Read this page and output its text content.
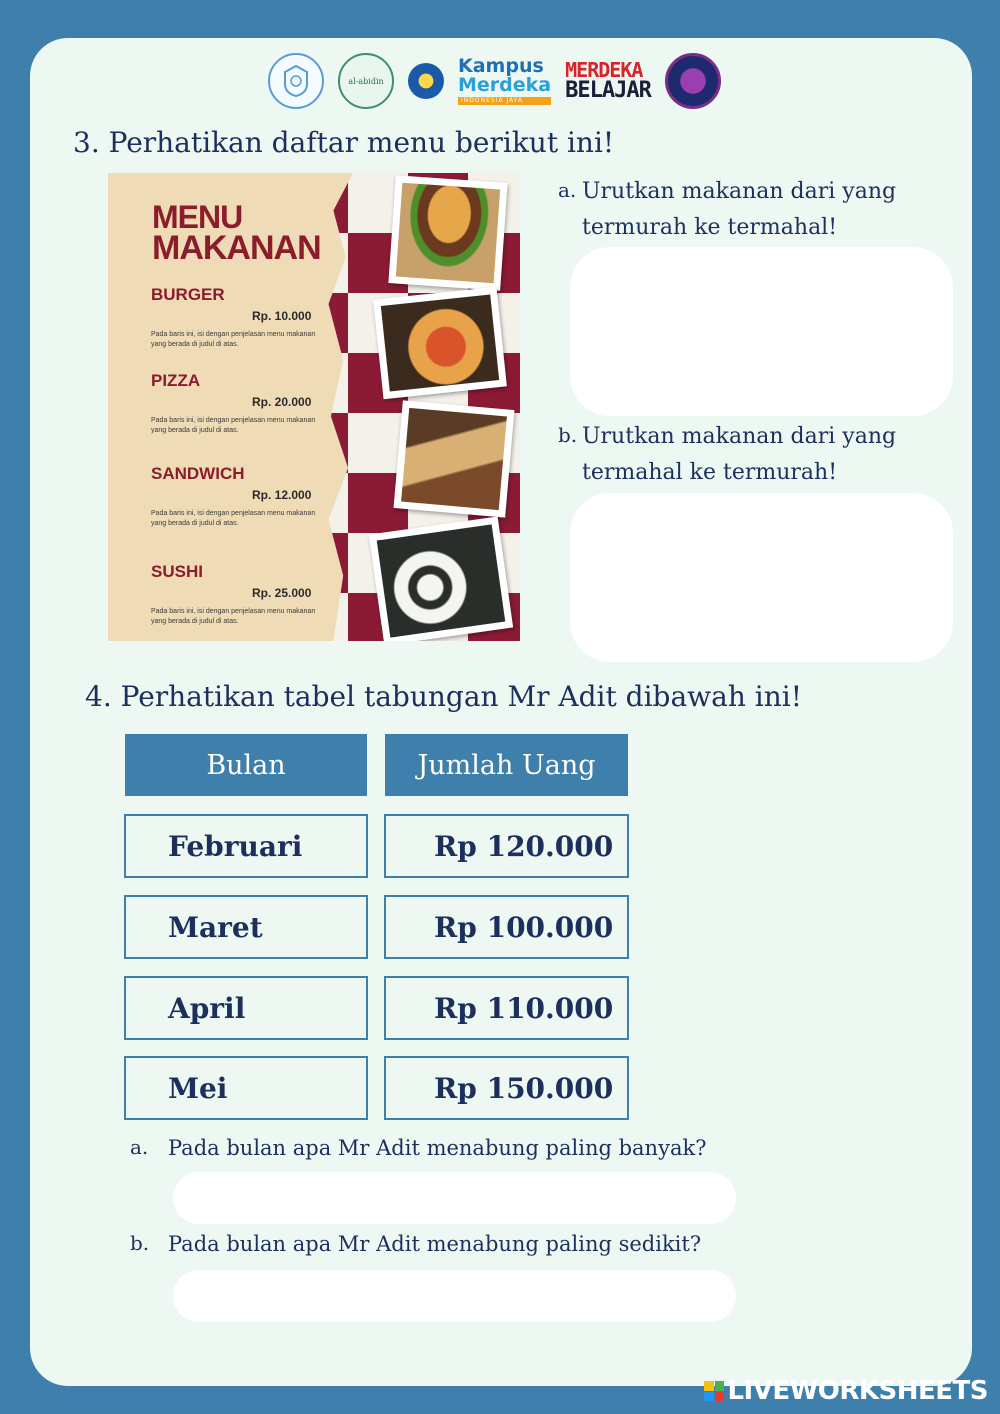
al-abidin
Kampus
Merdeka
INDONESIA JAYA
MERDEKA
BELAJAR
3. Perhatikan daftar menu berikut ini!
MENU
MAKANAN
BURGER
Rp. 10.000
Pada baris ini, isi dengan penjelasan menu makanan yang berada di judul di atas.
PIZZA
Rp. 20.000
Pada baris ini, isi dengan penjelasan menu makanan yang berada di judul di atas.
SANDWICH
Rp. 12.000
Pada baris ini, isi dengan penjelasan menu makanan yang berada di judul di atas.
SUSHI
Rp. 25.000
Pada baris ini, isi dengan penjelasan menu makanan yang berada di judul di atas.
a. Urutkan makanan dari yang
termurah ke termahal!
b. Urutkan makanan dari yang
termahal ke termurah!
4. Perhatikan tabel tabungan Mr Adit dibawah ini!
Bulan	Jumlah Uang
Februari	Rp 120.000
Maret	Rp 100.000
April	Rp 110.000
Mei	Rp 150.000
a. Pada bulan apa Mr Adit menabung paling banyak?
b. Pada bulan apa Mr Adit menabung paling sedikit?
LIVEWORKSHEETS
